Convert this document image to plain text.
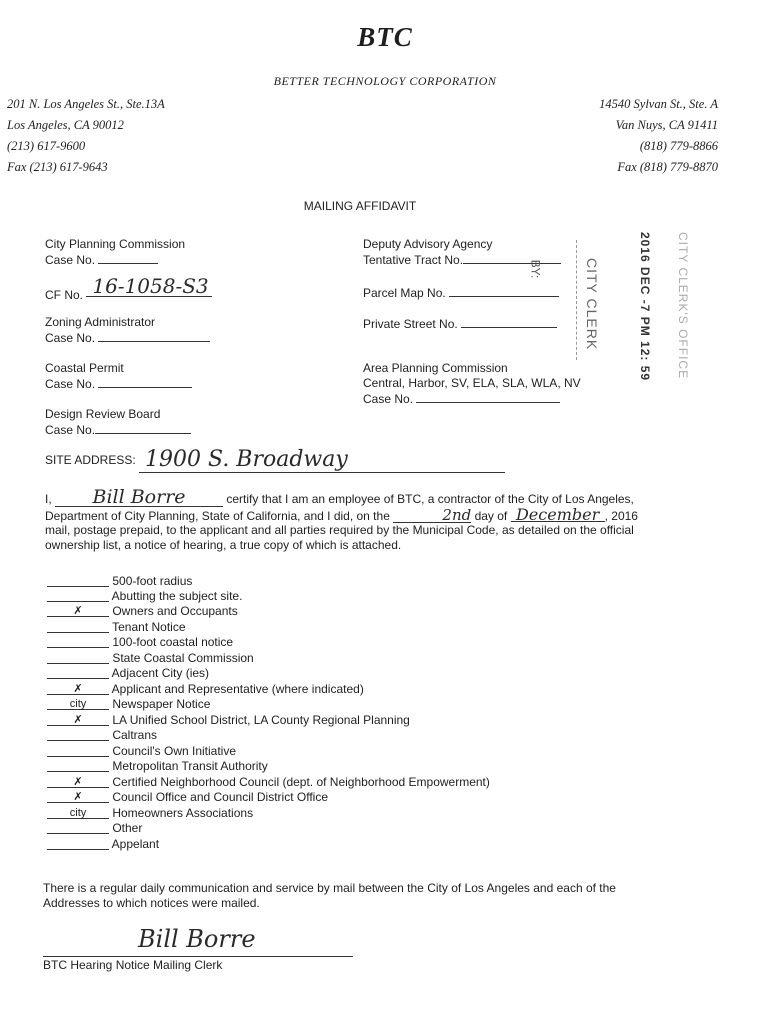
BTC
BETTER TECHNOLOGY CORPORATION
201 N. Los Angeles St., Ste.13A
Los Angeles, CA 90012
(213) 617-9600
Fax (213) 617-9643
14540 Sylvan St., Ste. A
Van Nuys, CA 91411
(818) 779-8866
Fax (818) 779-8870
MAILING AFFIDAVIT
City Planning Commission
Case No.
CF No. 16-1058-S3
Zoning Administrator
Case No.
Coastal Permit
Case No.
Design Review Board
Case No.
Deputy Advisory Agency
Tentative Tract No.
Parcel Map No.
Private Street No.
Area Planning Commission
Central, Harbor, SV, ELA, SLA, WLA, NV
Case No.
BY:	CITY CLERK	2016 DEC -7 PM 12: 59 CITY CLERK'S OFFICE
SITE ADDRESS: 1900 S. Broadway
I, Bill Borre	certify that I am an employee of BTC, a contractor of the City of Los Angeles,
Department of City Planning, State of California, and I did, on the	2nd day of December , 2016
mail, postage prepaid, to the applicant and all parties required by the Municipal Code, as detailed on the official
ownership list, a notice of hearing, a true copy of which is attached.
500-foot radius
Abutting the subject site.
✗ Owners and Occupants
Tenant Notice
100-foot coastal notice
State Coastal Commission
Adjacent City (ies)
✗ Applicant and Representative (where indicated)
city Newspaper Notice
✗ LA Unified School District, LA County Regional Planning
Caltrans
Council's Own Initiative
Metropolitan Transit Authority
✗ Certified Neighborhood Council (dept. of Neighborhood Empowerment)
✗ Council Office and Council District Office
city Homeowners Associations
Other
Appelant
There is a regular daily communication and service by mail between the City of Los Angeles and each of the
Addresses to which notices were mailed.
Bill Borre
BTC Hearing Notice Mailing Clerk
